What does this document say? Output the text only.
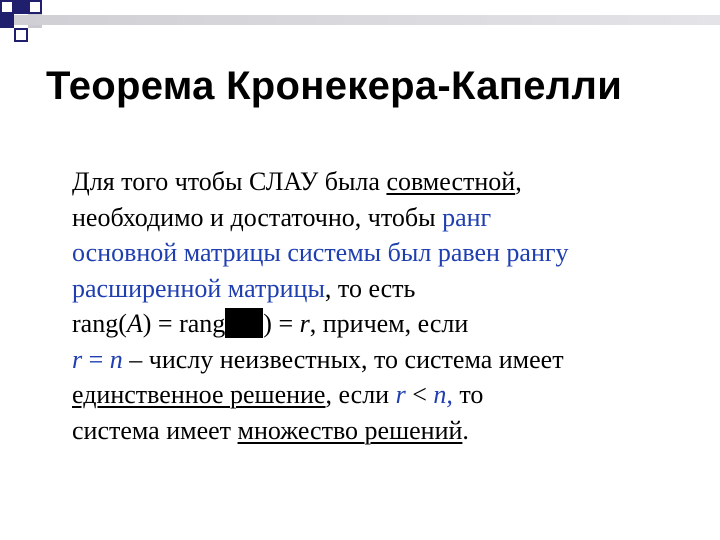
Теорема Кронекера-Капелли
Для того чтобы СЛАУ была совместной,
необходимо и достаточно, чтобы ранг
основной матрицы системы был равен рангу
расширенной матрицы, то есть
rang(A) = rang ) = r, причем, если
r = n – числу неизвестных, то система имеет
единственное решение, если r < n, то
система имеет множество решений.
